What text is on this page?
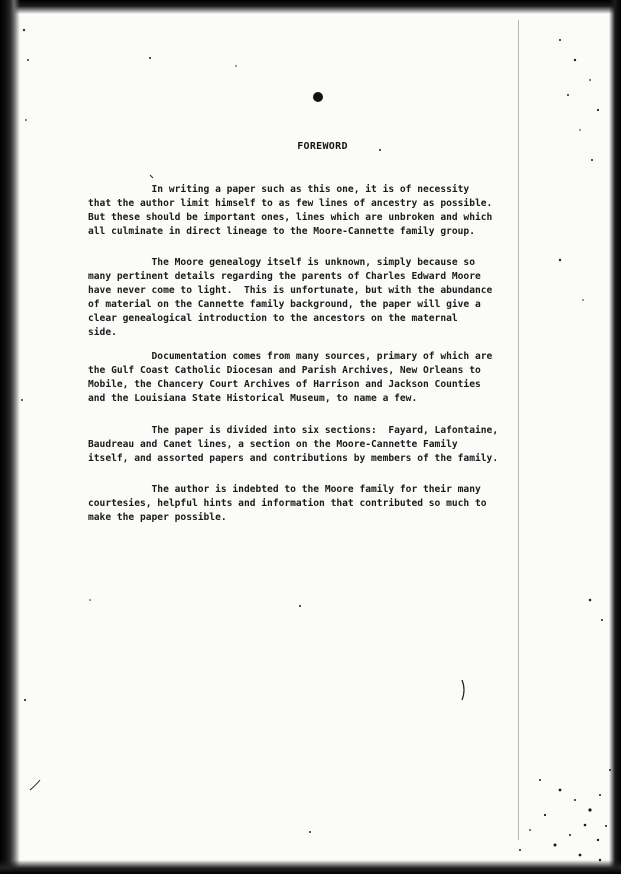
FOREWORD
In writing a paper such as this one, it is of necessity
that the author limit himself to as few lines of ancestry as possible.
But these should be important ones, lines which are unbroken and which
all culminate in direct lineage to the Moore-Cannette family group.
The Moore genealogy itself is unknown, simply because so
many pertinent details regarding the parents of Charles Edward Moore
have never come to light.  This is unfortunate, but with the abundance
of material on the Cannette family background, the paper will give a
clear genealogical introduction to the ancestors on the maternal
side.
Documentation comes from many sources, primary of which are
the Gulf Coast Catholic Diocesan and Parish Archives, New Orleans to
Mobile, the Chancery Court Archives of Harrison and Jackson Counties
and the Louisiana State Historical Museum, to name a few.
The paper is divided into six sections:  Fayard, Lafontaine,
Baudreau and Canet lines, a section on the Moore-Cannette Family
itself, and assorted papers and contributions by members of the family.
The author is indebted to the Moore family for their many
courtesies, helpful hints and information that contributed so much to
make the paper possible.
